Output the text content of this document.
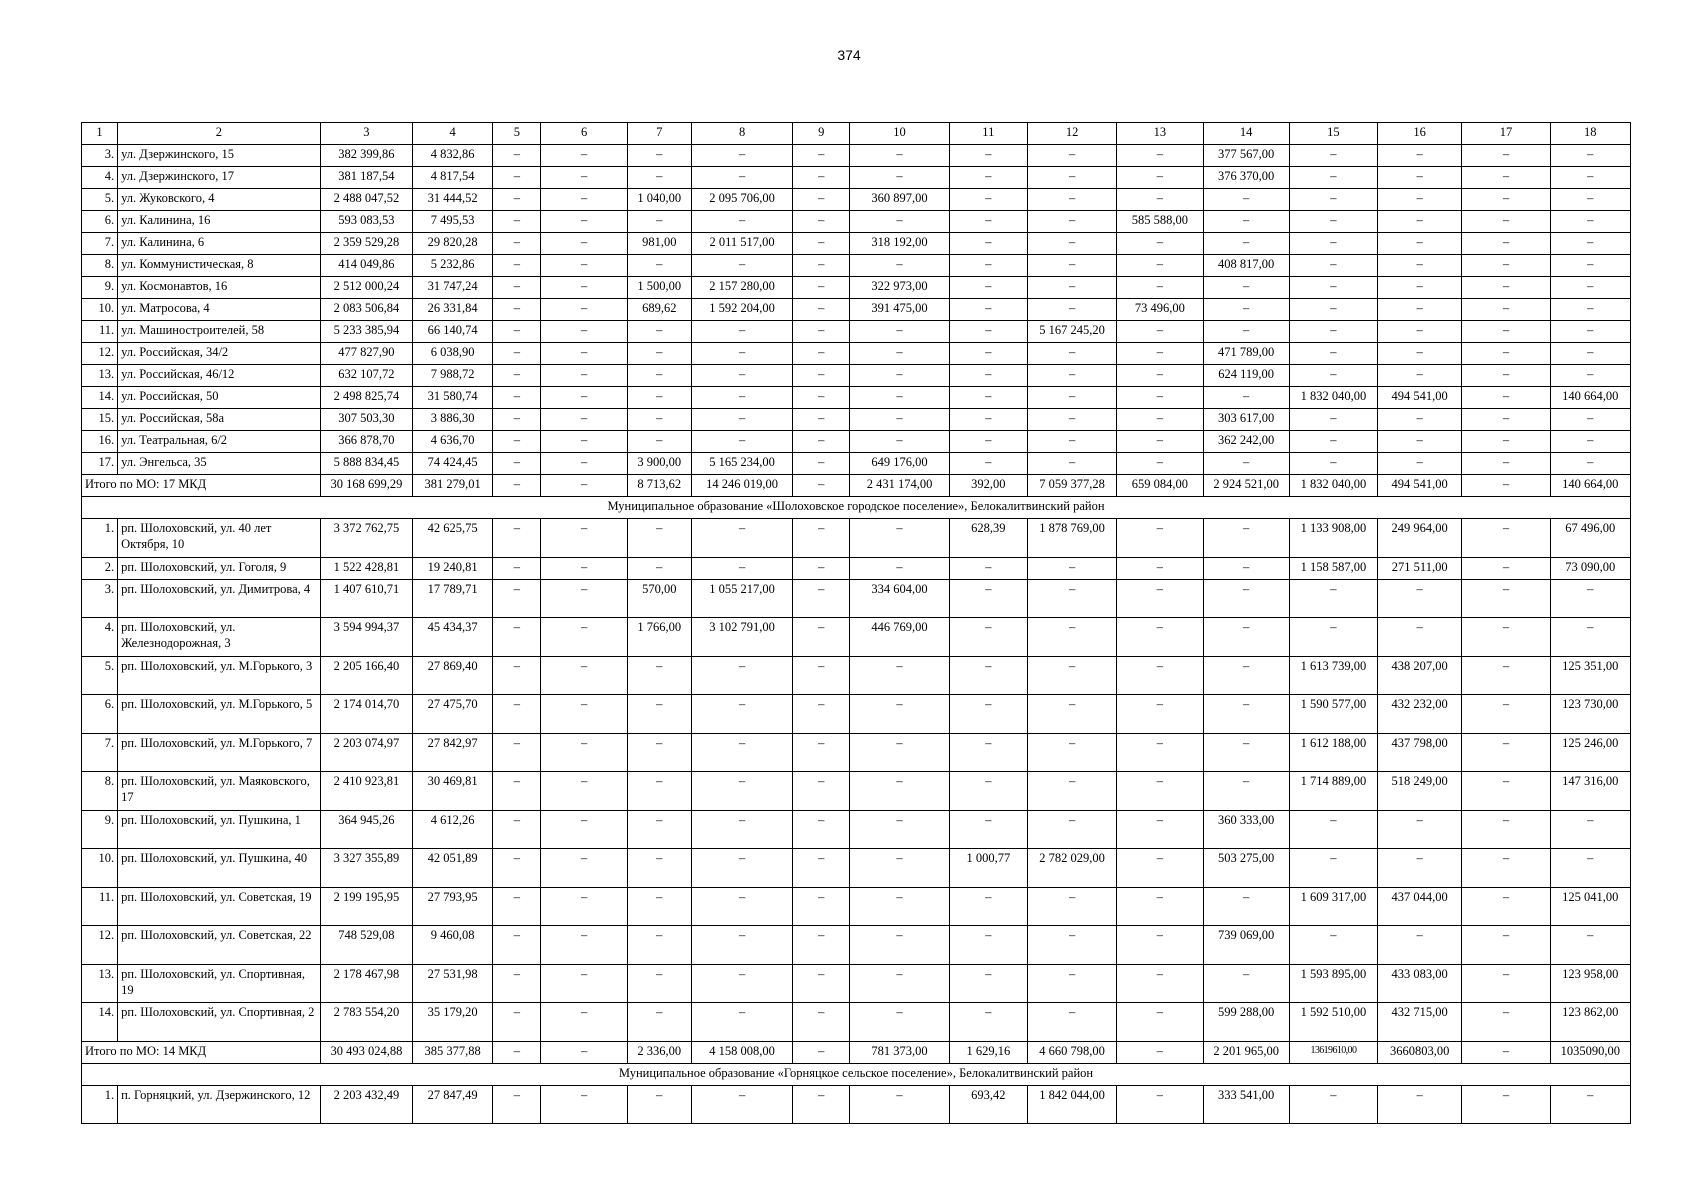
374
1	2	3	4	5	6	7	8	9	10	11	12	13	14	15	16	17	18
3.	ул. Дзержинского, 15	382 399,86	4 832,86	–	–	–	–	–	–	–	–	–	377 567,00	–	–	–	–
4.	ул. Дзержинского, 17	381 187,54	4 817,54	–	–	–	–	–	–	–	–	–	376 370,00	–	–	–	–
5.	ул. Жуковского, 4	2 488 047,52	31 444,52	–	–	1 040,00	2 095 706,00	–	360 897,00	–	–	–	–	–	–	–	–
6.	ул. Калинина, 16	593 083,53	7 495,53	–	–	–	–	–	–	–	–	585 588,00	–	–	–	–	–
7.	ул. Калинина, 6	2 359 529,28	29 820,28	–	–	981,00	2 011 517,00	–	318 192,00	–	–	–	–	–	–	–	–
8.	ул. Коммунистическая, 8	414 049,86	5 232,86	–	–	–	–	–	–	–	–	–	408 817,00	–	–	–	–
9.	ул. Космонавтов, 16	2 512 000,24	31 747,24	–	–	1 500,00	2 157 280,00	–	322 973,00	–	–	–	–	–	–	–	–
10.	ул. Матросова, 4	2 083 506,84	26 331,84	–	–	689,62	1 592 204,00	–	391 475,00	–	–	73 496,00	–	–	–	–	–
11.	ул. Машиностроителей, 58	5 233 385,94	66 140,74	–	–	–	–	–	–	–	5 167 245,20	–	–	–	–	–	–
12.	ул. Российская, 34/2	477 827,90	6 038,90	–	–	–	–	–	–	–	–	–	471 789,00	–	–	–	–
13.	ул. Российская, 46/12	632 107,72	7 988,72	–	–	–	–	–	–	–	–	–	624 119,00	–	–	–	–
14.	ул. Российская, 50	2 498 825,74	31 580,74	–	–	–	–	–	–	–	–	–	–	1 832 040,00	494 541,00	–	140 664,00
15.	ул. Российская, 58а	307 503,30	3 886,30	–	–	–	–	–	–	–	–	–	303 617,00	–	–	–	–
16.	ул. Театральная, 6/2	366 878,70	4 636,70	–	–	–	–	–	–	–	–	–	362 242,00	–	–	–	–
17.	ул. Энгельса, 35	5 888 834,45	74 424,45	–	–	3 900,00	5 165 234,00	–	649 176,00	–	–	–	–	–	–	–	–
Итого по МО: 17 МКД		30 168 699,29	381 279,01	–	–	8 713,62	14 246 019,00	–	2 431 174,00	392,00	7 059 377,28	659 084,00	2 924 521,00	1 832 040,00	494 541,00	–	140 664,00
Муниципальное образование «Шолоховское городское поселение», Белокалитвинский район																	
1.	рп. Шолоховский, ул. 40 лет Октября, 10	3 372 762,75	42 625,75	–	–	–	–	–	–	628,39	1 878 769,00	–	–	1 133 908,00	249 964,00	–	67 496,00
2.	рп. Шолоховский, ул. Гоголя, 9	1 522 428,81	19 240,81	–	–	–	–	–	–	–	–	–	–	1 158 587,00	271 511,00	–	73 090,00
3.	рп. Шолоховский, ул. Димитрова, 4	1 407 610,71	17 789,71	–	–	570,00	1 055 217,00	–	334 604,00	–	–	–	–	–	–	–	–
4.	рп. Шолоховский, ул. Железнодорожная, 3	3 594 994,37	45 434,37	–	–	1 766,00	3 102 791,00	–	446 769,00	–	–	–	–	–	–	–	–
5.	рп. Шолоховский, ул. М.Горького, 3	2 205 166,40	27 869,40	–	–	–	–	–	–	–	–	–	–	1 613 739,00	438 207,00	–	125 351,00
6.	рп. Шолоховский, ул. М.Горького, 5	2 174 014,70	27 475,70	–	–	–	–	–	–	–	–	–	–	1 590 577,00	432 232,00	–	123 730,00
7.	рп. Шолоховский, ул. М.Горького, 7	2 203 074,97	27 842,97	–	–	–	–	–	–	–	–	–	–	1 612 188,00	437 798,00	–	125 246,00
8.	рп. Шолоховский, ул. Маяковского, 17	2 410 923,81	30 469,81	–	–	–	–	–	–	–	–	–	–	1 714 889,00	518 249,00	–	147 316,00
9.	рп. Шолоховский, ул. Пушкина, 1	364 945,26	4 612,26	–	–	–	–	–	–	–	–	–	360 333,00	–	–	–	–
10.	рп. Шолоховский, ул. Пушкина, 40	3 327 355,89	42 051,89	–	–	–	–	–	–	1 000,77	2 782 029,00	–	503 275,00	–	–	–	–
11.	рп. Шолоховский, ул. Советская, 19	2 199 195,95	27 793,95	–	–	–	–	–	–	–	–	–	–	1 609 317,00	437 044,00	–	125 041,00
12.	рп. Шолоховский, ул. Советская, 22	748 529,08	9 460,08	–	–	–	–	–	–	–	–	–	739 069,00	–	–	–	–
13.	рп. Шолоховский, ул. Спортивная, 19	2 178 467,98	27 531,98	–	–	–	–	–	–	–	–	–	–	1 593 895,00	433 083,00	–	123 958,00
14.	рп. Шолоховский, ул. Спортивная, 2	2 783 554,20	35 179,20	–	–	–	–	–	–	–	–	–	599 288,00	1 592 510,00	432 715,00	–	123 862,00
Итого по МО: 14 МКД		30 493 024,88	385 377,88	–	–	2 336,00	4 158 008,00	–	781 373,00	1 629,16	4 660 798,00	–	2 201 965,00	13619610,00	3660803,00	–	1035090,00
Муниципальное образование «Горняцкое сельское поселение», Белокалитвинский район																	
1.	п. Горняцкий, ул. Дзержинского, 12	2 203 432,49	27 847,49	–	–	–	–	–	–	693,42	1 842 044,00	–	333 541,00	–	–	–	–
